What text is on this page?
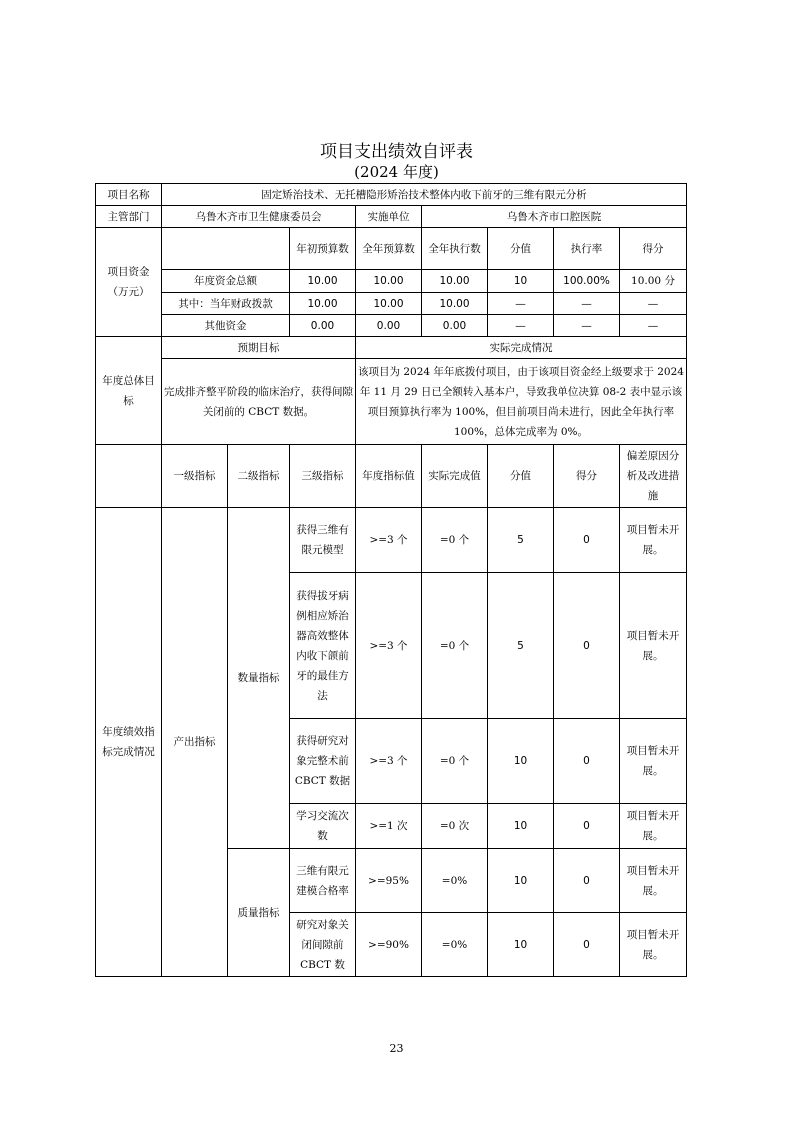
项目支出绩效自评表
(2024 年度)
项目名称	固定矫治技术、无托槽隐形矫治技术整体内收下前牙的三维有限元分析							
主管部门	乌鲁木齐市卫生健康委员会			实施单位	乌鲁木齐市口腔医院			
项目资金（万元）			年初预算数	全年预算数	全年执行数	分值	执行率	得分
	年度资金总额		10.00	10.00	10.00	10	100.00%	10.00 分
	其中：当年财政拨款		10.00	10.00	10.00	—	—	—
	其他资金		0.00	0.00	0.00	—	—	—
年度总体目标	预期目标			实际完成情况				
	完成排齐整平阶段的临床治疗，获得间隙关闭前的 CBCT 数据。			该项目为 2024 年年底拨付项目，由于该项目资金经上级要求于 2024 年 11 月 29 日已全额转入基本户，导致我单位决算 08-2 表中显示该项目预算执行率为 100%，但目前项目尚未进行，因此全年执行率 100%，总体完成率为 0%。				
	一级指标	二级指标	三级指标	年度指标值	实际完成值	分值	得分	偏差原因分析及改进措施
年度绩效指标完成情况	产出指标	数量指标	获得三维有限元模型	>=3 个	=0 个	5	0	项目暂未开展。
			获得拔牙病例相应矫治器高效整体内收下颌前牙的最佳方法	>=3 个	=0 个	5	0	项目暂未开展。
			获得研究对象完整术前 CBCT 数据	>=3 个	=0 个	10	0	项目暂未开展。
			学习交流次数	>=1 次	=0 次	10	0	项目暂未开展。
		质量指标	三维有限元建模合格率	>=95%	=0%	10	0	项目暂未开展。
			研究对象关闭间隙前 CBCT 数	>=90%	=0%	10	0	项目暂未开展。
23
